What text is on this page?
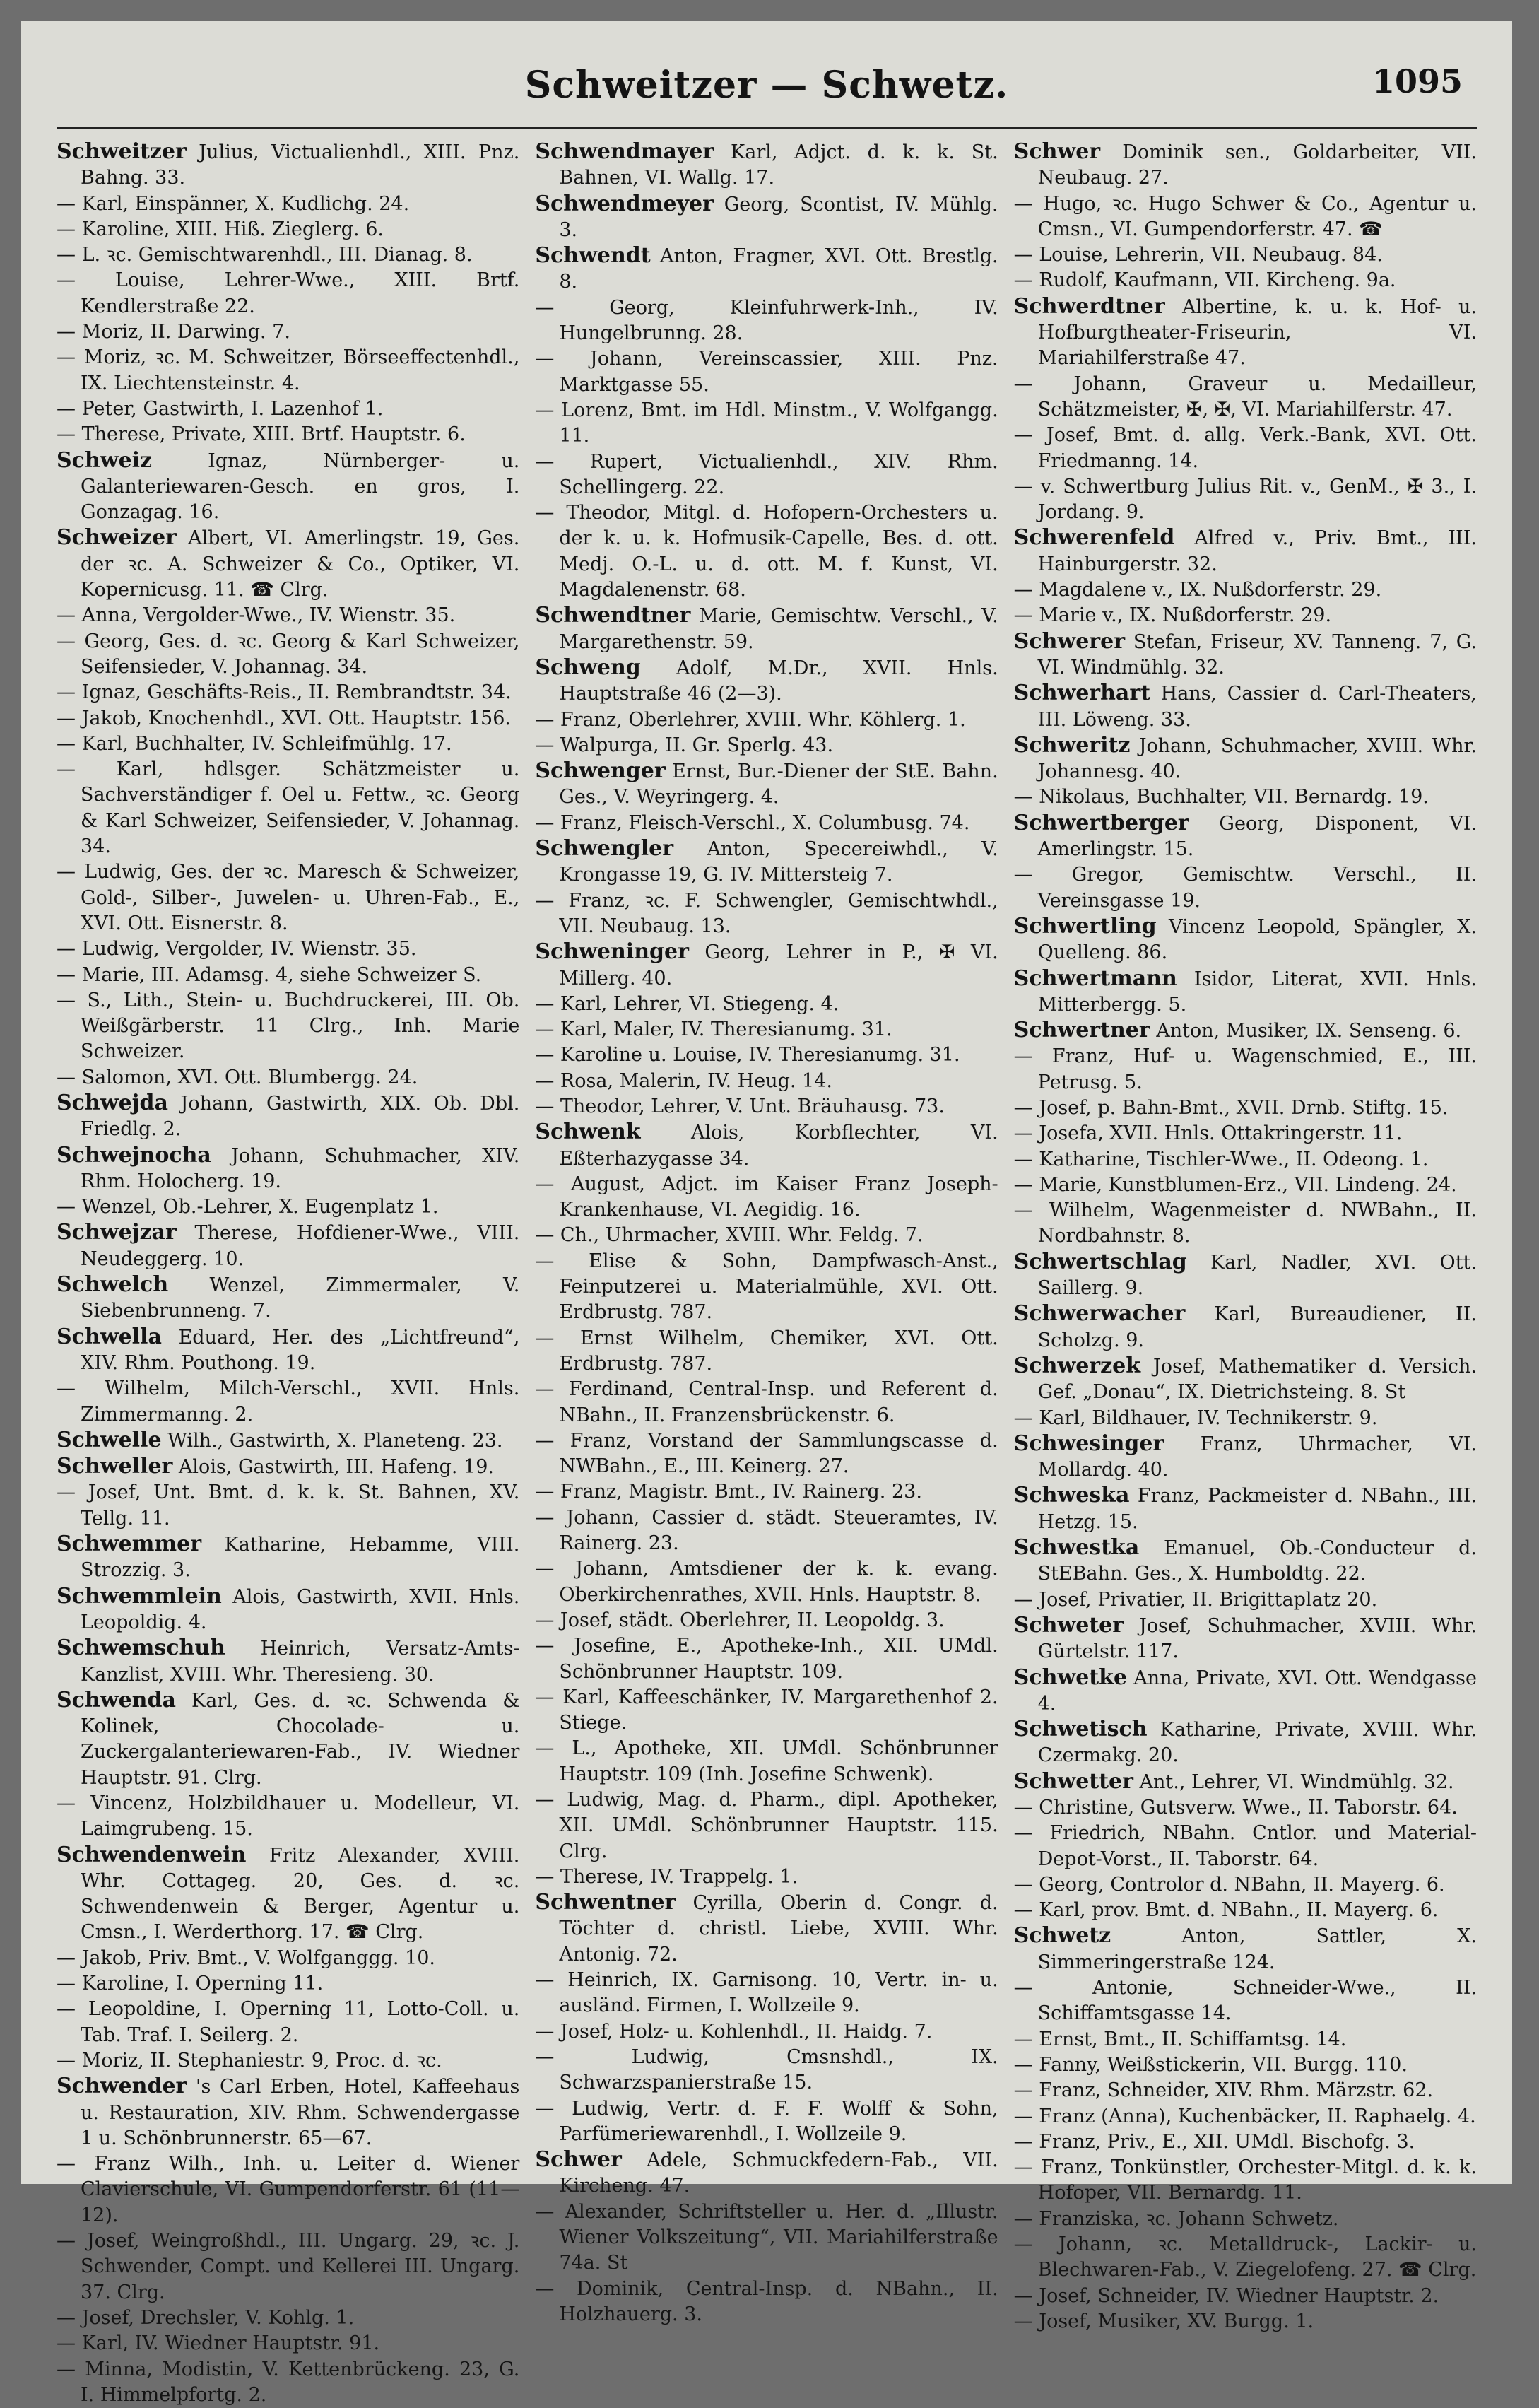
Schweitzer — Schwetz.	1095

Schweitzer Julius, Victualienhdl., XIII. Pnz. Bahng. 33.

— Karl, Einspänner, X. Kudlichg. 24.

— Karoline, XIII. Hiß. Zieglerg. 6.

— L. ꝛc. Gemischtwarenhdl., III. Dianag. 8.

— Louise, Lehrer-Wwe., XIII. Brtf. Kendlerstraße 22.

— Moriz, II. Darwing. 7.

— Moriz, ꝛc. M. Schweitzer, Börseeffectenhdl., IX. Liechtensteinstr. 4.

— Peter, Gastwirth, I. Lazenhof 1.

— Therese, Private, XIII. Brtf. Hauptstr. 6.

Schweiz Ignaz, Nürnberger- u. Galanteriewaren-Gesch. en gros, I. Gonzagag. 16.

Schweizer Albert, VI. Amerlingstr. 19, Ges. der ꝛc. A. Schweizer & Co., Optiker, VI. Kopernicusg. 11. ☎ Clrg.

— Anna, Vergolder-Wwe., IV. Wienstr. 35.

— Georg, Ges. d. ꝛc. Georg & Karl Schweizer, Seifensieder, V. Johannag. 34.

— Ignaz, Geschäfts-Reis., II. Rembrandtstr. 34.

— Jakob, Knochenhdl., XVI. Ott. Hauptstr. 156.

— Karl, Buchhalter, IV. Schleifmühlg. 17.

— Karl, hdlsger. Schätzmeister u. Sachverständiger f. Oel u. Fettw., ꝛc. Georg & Karl Schweizer, Seifensieder, V. Johannag. 34.

— Ludwig, Ges. der ꝛc. Maresch & Schweizer, Gold-, Silber-, Juwelen- u. Uhren-Fab., E., XVI. Ott. Eisnerstr. 8.

— Ludwig, Vergolder, IV. Wienstr. 35.

— Marie, III. Adamsg. 4, siehe Schweizer S.

— S., Lith., Stein- u. Buchdruckerei, III. Ob. Weißgärberstr. 11 Clrg., Inh. Marie Schweizer.

— Salomon, XVI. Ott. Blumbergg. 24.

Schwejda Johann, Gastwirth, XIX. Ob. Dbl. Friedlg. 2.

Schwejnocha Johann, Schuhmacher, XIV. Rhm. Holocherg. 19.

— Wenzel, Ob.-Lehrer, X. Eugenplatz 1.

Schwejzar Therese, Hofdiener-Wwe., VIII. Neudeggerg. 10.

Schwelch Wenzel, Zimmermaler, V. Siebenbrunneng. 7.

Schwella Eduard, Her. des „Lichtfreund“, XIV. Rhm. Pouthong. 19.

— Wilhelm, Milch-Verschl., XVII. Hnls. Zimmermanng. 2.

Schwelle Wilh., Gastwirth, X. Planeteng. 23.

Schweller Alois, Gastwirth, III. Hafeng. 19.

— Josef, Unt. Bmt. d. k. k. St. Bahnen, XV. Tellg. 11.

Schwemmer Katharine, Hebamme, VIII. Strozzig. 3.

Schwemmlein Alois, Gastwirth, XVII. Hnls. Leopoldig. 4.

Schwemschuh Heinrich, Versatz-Amts-Kanzlist, XVIII. Whr. Theresieng. 30.

Schwenda Karl, Ges. d. ꝛc. Schwenda & Kolinek, Chocolade- u. Zuckergalanteriewaren-Fab., IV. Wiedner Hauptstr. 91. Clrg.

— Vincenz, Holzbildhauer u. Modelleur, VI. Laimgrubeng. 15.

Schwendenwein Fritz Alexander, XVIII. Whr. Cottageg. 20, Ges. d. ꝛc. Schwendenwein & Berger, Agentur u. Cmsn., I. Werderthorg. 17. ☎ Clrg.

— Jakob, Priv. Bmt., V. Wolfganggg. 10.

— Karoline, I. Operning 11.

— Leopoldine, I. Operning 11, Lotto-Coll. u. Tab. Traf. I. Seilerg. 2.

— Moriz, II. Stephaniestr. 9, Proc. d. ꝛc.

Schwender 's Carl Erben, Hotel, Kaffeehaus u. Restauration, XIV. Rhm. Schwendergasse 1 u. Schönbrunnerstr. 65—67.

— Franz Wilh., Inh. u. Leiter d. Wiener Clavierschule, VI. Gumpendorferstr. 61 (11—12).

— Josef, Weingroßhdl., III. Ungarg. 29, ꝛc. J. Schwender, Compt. und Kellerei III. Ungarg. 37. Clrg.

— Josef, Drechsler, V. Kohlg. 1.

— Karl, IV. Wiedner Hauptstr. 91.

— Minna, Modistin, V. Kettenbrückeng. 23, G. I. Himmelpfortg. 2.

Schwendmayer Karl, Adjct. d. k. k. St. Bahnen, VI. Wallg. 17.

Schwendmeyer Georg, Scontist, IV. Mühlg. 3.

Schwendt Anton, Fragner, XVI. Ott. Brestlg. 8.

— Georg, Kleinfuhrwerk-Inh., IV. Hungelbrunng. 28.

— Johann, Vereinscassier, XIII. Pnz. Marktgasse 55.

— Lorenz, Bmt. im Hdl. Minstm., V. Wolfgangg. 11.

— Rupert, Victualienhdl., XIV. Rhm. Schellingerg. 22.

— Theodor, Mitgl. d. Hofopern-Orchesters u. der k. u. k. Hofmusik-Capelle, Bes. d. ott. Medj. O.-L. u. d. ott. M. f. Kunst, VI. Magdalenenstr. 68.

Schwendtner Marie, Gemischtw. Verschl., V. Margarethenstr. 59.

Schweng Adolf, M.Dr., XVII. Hnls. Hauptstraße 46 (2—3).

— Franz, Oberlehrer, XVIII. Whr. Köhlerg. 1.

— Walpurga, II. Gr. Sperlg. 43.

Schwenger Ernst, Bur.-Diener der StE. Bahn. Ges., V. Weyringerg. 4.

— Franz, Fleisch-Verschl., X. Columbusg. 74.

Schwengler Anton, Specereiwhdl., V. Krongasse 19, G. IV. Mittersteig 7.

— Franz, ꝛc. F. Schwengler, Gemischtwhdl., VII. Neubaug. 13.

Schweninger Georg, Lehrer in P., ✠ VI. Millerg. 40.

— Karl, Lehrer, VI. Stiegeng. 4.

— Karl, Maler, IV. Theresianumg. 31.

— Karoline u. Louise, IV. Theresianumg. 31.

— Rosa, Malerin, IV. Heug. 14.

— Theodor, Lehrer, V. Unt. Bräuhausg. 73.

Schwenk Alois, Korbflechter, VI. Eßterhazygasse 34.

— August, Adjct. im Kaiser Franz Joseph-Krankenhause, VI. Aegidig. 16.

— Ch., Uhrmacher, XVIII. Whr. Feldg. 7.

— Elise & Sohn, Dampfwasch-Anst., Feinputzerei u. Materialmühle, XVI. Ott. Erdbrustg. 787.

— Ernst Wilhelm, Chemiker, XVI. Ott. Erdbrustg. 787.

— Ferdinand, Central-Insp. und Referent d. NBahn., II. Franzensbrückenstr. 6.

— Franz, Vorstand der Sammlungscasse d. NWBahn., E., III. Keinerg. 27.

— Franz, Magistr. Bmt., IV. Rainerg. 23.

— Johann, Cassier d. städt. Steueramtes, IV. Rainerg. 23.

— Johann, Amtsdiener der k. k. evang. Oberkirchenrathes, XVII. Hnls. Hauptstr. 8.

— Josef, städt. Oberlehrer, II. Leopoldg. 3.

— Josefine, E., Apotheke-Inh., XII. UMdl. Schönbrunner Hauptstr. 109.

— Karl, Kaffeeschänker, IV. Margarethenhof 2. Stiege.

— L., Apotheke, XII. UMdl. Schönbrunner Hauptstr. 109 (Inh. Josefine Schwenk).

— Ludwig, Mag. d. Pharm., dipl. Apotheker, XII. UMdl. Schönbrunner Hauptstr. 115. Clrg.

— Therese, IV. Trappelg. 1.

Schwentner Cyrilla, Oberin d. Congr. d. Töchter d. christl. Liebe, XVIII. Whr. Antonig. 72.

— Heinrich, IX. Garnisong. 10, Vertr. in- u. ausländ. Firmen, I. Wollzeile 9.

— Josef, Holz- u. Kohlenhdl., II. Haidg. 7.

— Ludwig, Cmsnshdl., IX. Schwarzspanierstraße 15.

— Ludwig, Vertr. d. F. F. Wolff & Sohn, Parfümeriewarenhdl., I. Wollzeile 9.

Schwer Adele, Schmuckfedern-Fab., VII. Kircheng. 47.

— Alexander, Schriftsteller u. Her. d. „Illustr. Wiener Volkszeitung“, VII. Mariahilferstraße 74a. St

— Dominik, Central-Insp. d. NBahn., II. Holzhauerg. 3.

Schwer Dominik sen., Goldarbeiter, VII. Neubaug. 27.

— Hugo, ꝛc. Hugo Schwer & Co., Agentur u. Cmsn., VI. Gumpendorferstr. 47. ☎

— Louise, Lehrerin, VII. Neubaug. 84.

— Rudolf, Kaufmann, VII. Kircheng. 9a.

Schwerdtner Albertine, k. u. k. Hof- u. Hofburgtheater-Friseurin, VI. Mariahilferstraße 47.

— Johann, Graveur u. Medailleur, Schätzmeister, ✠, ✠, VI. Mariahilferstr. 47.

— Josef, Bmt. d. allg. Verk.-Bank, XVI. Ott. Friedmanng. 14.

— v. Schwertburg Julius Rit. v., GenM., ✠ 3., I. Jordang. 9.

Schwerenfeld Alfred v., Priv. Bmt., III. Hainburgerstr. 32.

— Magdalene v., IX. Nußdorferstr. 29.

— Marie v., IX. Nußdorferstr. 29.

Schwerer Stefan, Friseur, XV. Tanneng. 7, G. VI. Windmühlg. 32.

Schwerhart Hans, Cassier d. Carl-Theaters, III. Löweng. 33.

Schweritz Johann, Schuhmacher, XVIII. Whr. Johannesg. 40.

— Nikolaus, Buchhalter, VII. Bernardg. 19.

Schwertberger Georg, Disponent, VI. Amerlingstr. 15.

— Gregor, Gemischtw. Verschl., II. Vereinsgasse 19.

Schwertling Vincenz Leopold, Spängler, X. Quelleng. 86.

Schwertmann Isidor, Literat, XVII. Hnls. Mitterbergg. 5.

Schwertner Anton, Musiker, IX. Senseng. 6.

— Franz, Huf- u. Wagenschmied, E., III. Petrusg. 5.

— Josef, p. Bahn-Bmt., XVII. Drnb. Stiftg. 15.

— Josefa, XVII. Hnls. Ottakringerstr. 11.

— Katharine, Tischler-Wwe., II. Odeong. 1.

— Marie, Kunstblumen-Erz., VII. Lindeng. 24.

— Wilhelm, Wagenmeister d. NWBahn., II. Nordbahnstr. 8.

Schwertschlag Karl, Nadler, XVI. Ott. Saillerg. 9.

Schwerwacher Karl, Bureaudiener, II. Scholzg. 9.

Schwerzek Josef, Mathematiker d. Versich. Gef. „Donau“, IX. Dietrichsteing. 8. St

— Karl, Bildhauer, IV. Technikerstr. 9.

Schwesinger Franz, Uhrmacher, VI. Mollardg. 40.

Schweska Franz, Packmeister d. NBahn., III. Hetzg. 15.

Schwestka Emanuel, Ob.-Conducteur d. StEBahn. Ges., X. Humboldtg. 22.

— Josef, Privatier, II. Brigittaplatz 20.

Schweter Josef, Schuhmacher, XVIII. Whr. Gürtelstr. 117.

Schwetke Anna, Private, XVI. Ott. Wendgasse 4.

Schwetisch Katharine, Private, XVIII. Whr. Czermakg. 20.

Schwetter Ant., Lehrer, VI. Windmühlg. 32.

— Christine, Gutsverw. Wwe., II. Taborstr. 64.

— Friedrich, NBahn. Cntlor. und Material-Depot-Vorst., II. Taborstr. 64.

— Georg, Controlor d. NBahn, II. Mayerg. 6.

— Karl, prov. Bmt. d. NBahn., II. Mayerg. 6.

Schwetz Anton, Sattler, X. Simmeringerstraße 124.

— Antonie, Schneider-Wwe., II. Schiffamtsgasse 14.

— Ernst, Bmt., II. Schiffamtsg. 14.

— Fanny, Weißstickerin, VII. Burgg. 110.

— Franz, Schneider, XIV. Rhm. Märzstr. 62.

— Franz (Anna), Kuchenbäcker, II. Raphaelg. 4.

— Franz, Priv., E., XII. UMdl. Bischofg. 3.

— Franz, Tonkünstler, Orchester-Mitgl. d. k. k. Hofoper, VII. Bernardg. 11.

— Franziska, ꝛc. Johann Schwetz.

— Johann, ꝛc. Metalldruck-, Lackir- u. Blechwaren-Fab., V. Ziegelofeng. 27. ☎ Clrg.

— Josef, Schneider, IV. Wiedner Hauptstr. 2.

— Josef, Musiker, XV. Burgg. 1.
